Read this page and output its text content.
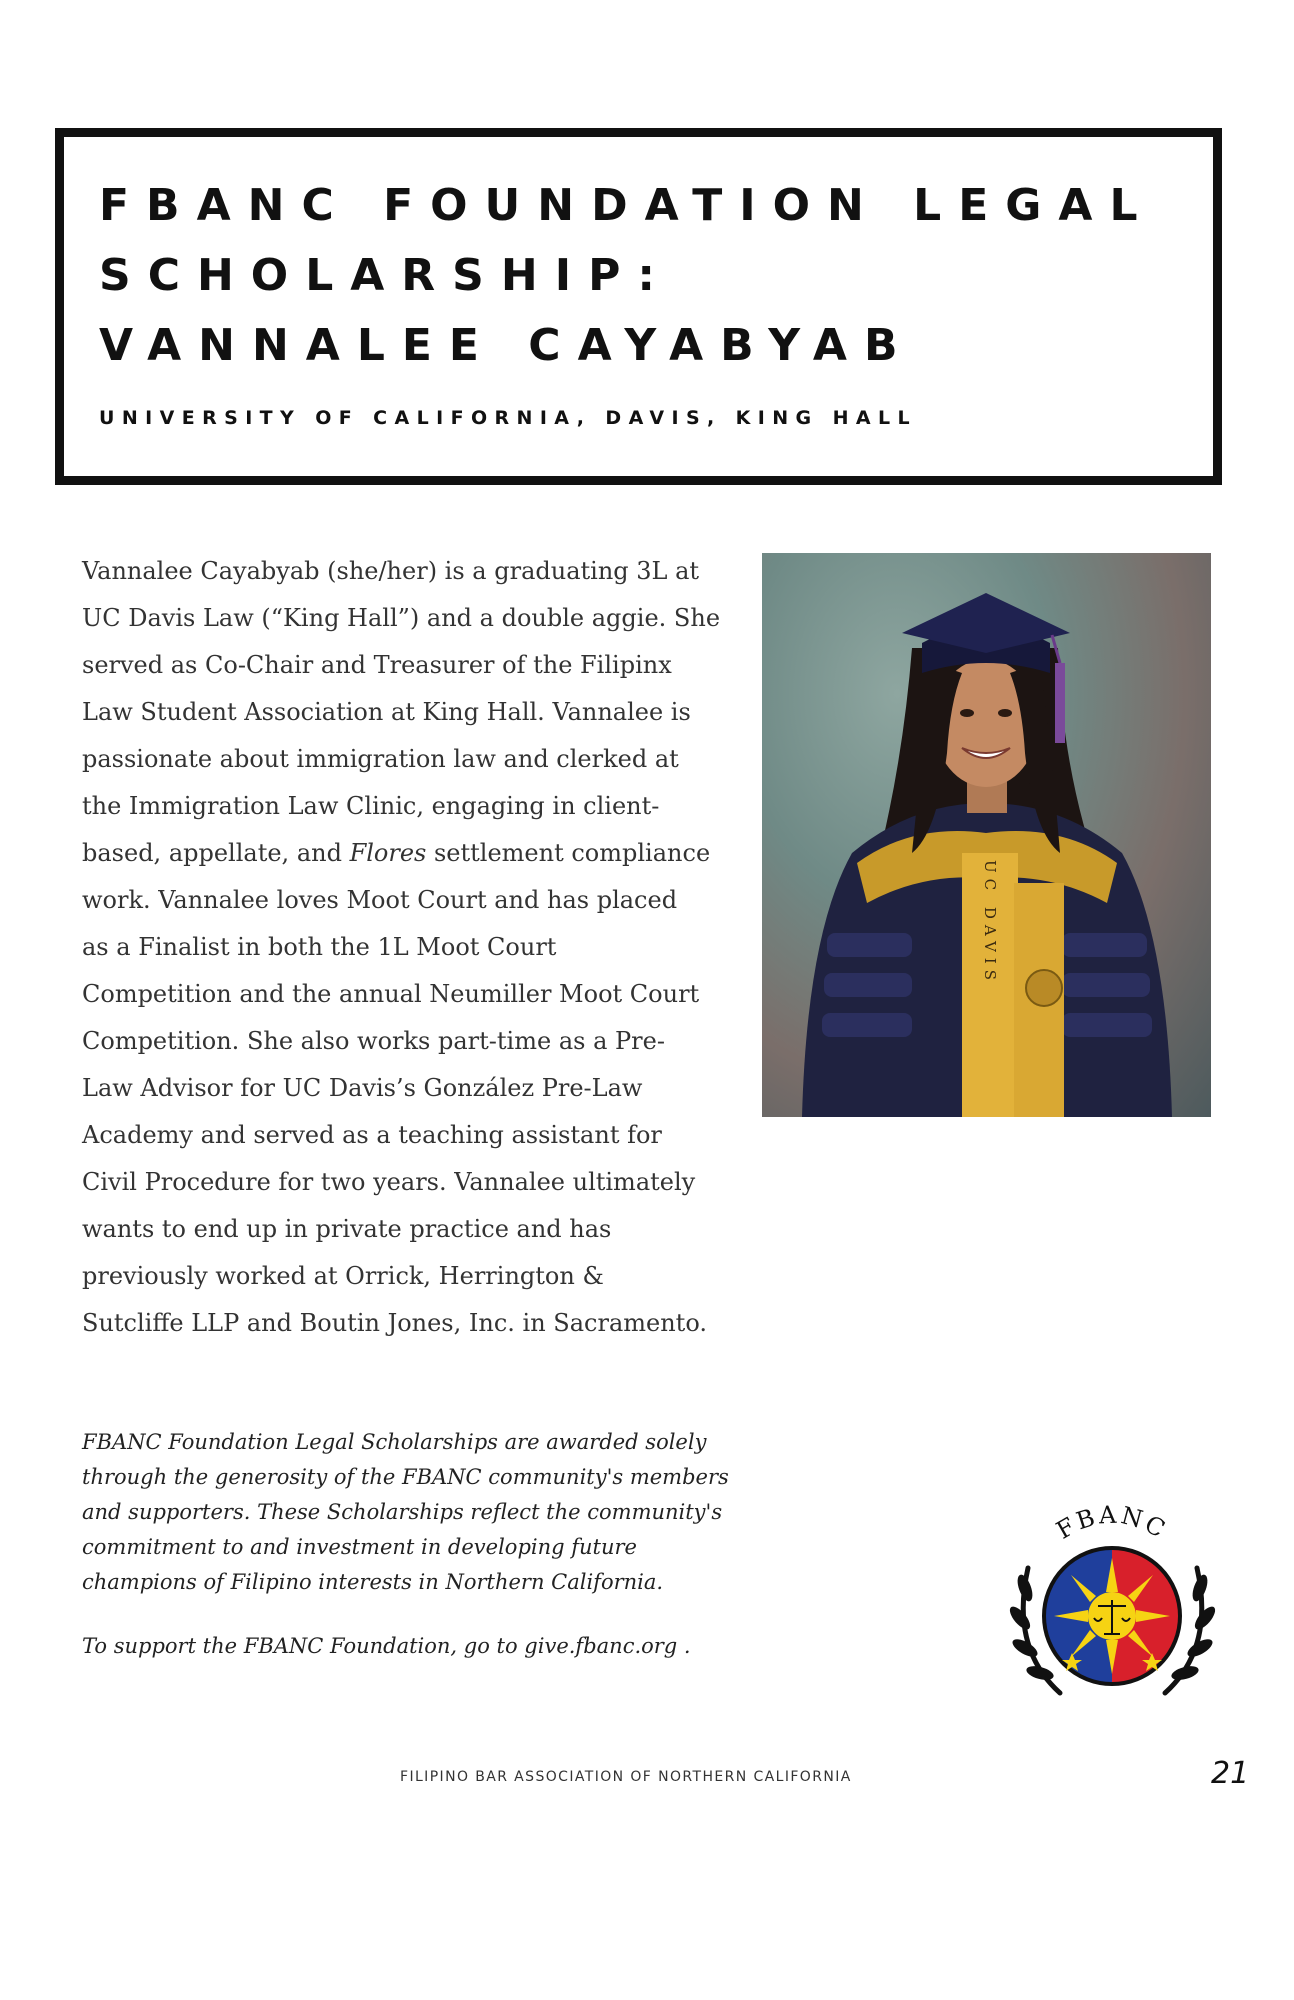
FBANC FOUNDATION LEGAL
SCHOLARSHIP:
VANNALEE CAYABYAB

UNIVERSITY OF CALIFORNIA, DAVIS, KING HALL

Vannalee Cayabyab (she/her) is a graduating 3L at
UC Davis Law (“King Hall”) and a double aggie. She
served as Co-Chair and Treasurer of the Filipinx
Law Student Association at King Hall. Vannalee is
passionate about immigration law and clerked at
the Immigration Law Clinic, engaging in client-
based, appellate, and Flores settlement compliance
work. Vannalee loves Moot Court and has placed
as a Finalist in both the 1L Moot Court
Competition and the annual Neumiller Moot Court
Competition. She also works part-time as a Pre-
Law Advisor for UC Davis’s González Pre-Law
Academy and served as a teaching assistant for
Civil Procedure for two years. Vannalee ultimately
wants to end up in private practice and has
previously worked at Orrick, Herrington &
Sutcliffe LLP and Boutin Jones, Inc. in Sacramento.
UC DAVIS
FBANC Foundation Legal Scholarships are awarded solely
through the generosity of the FBANC community's members
and supporters. These Scholarships reflect the community's
commitment to and investment in developing future
champions of Filipino interests in Northern California.

To support the FBANC Foundation, go to give.fbanc.org .

FBANC

FILIPINO BAR ASSOCIATION OF NORTHERN CALIFORNIA	21
